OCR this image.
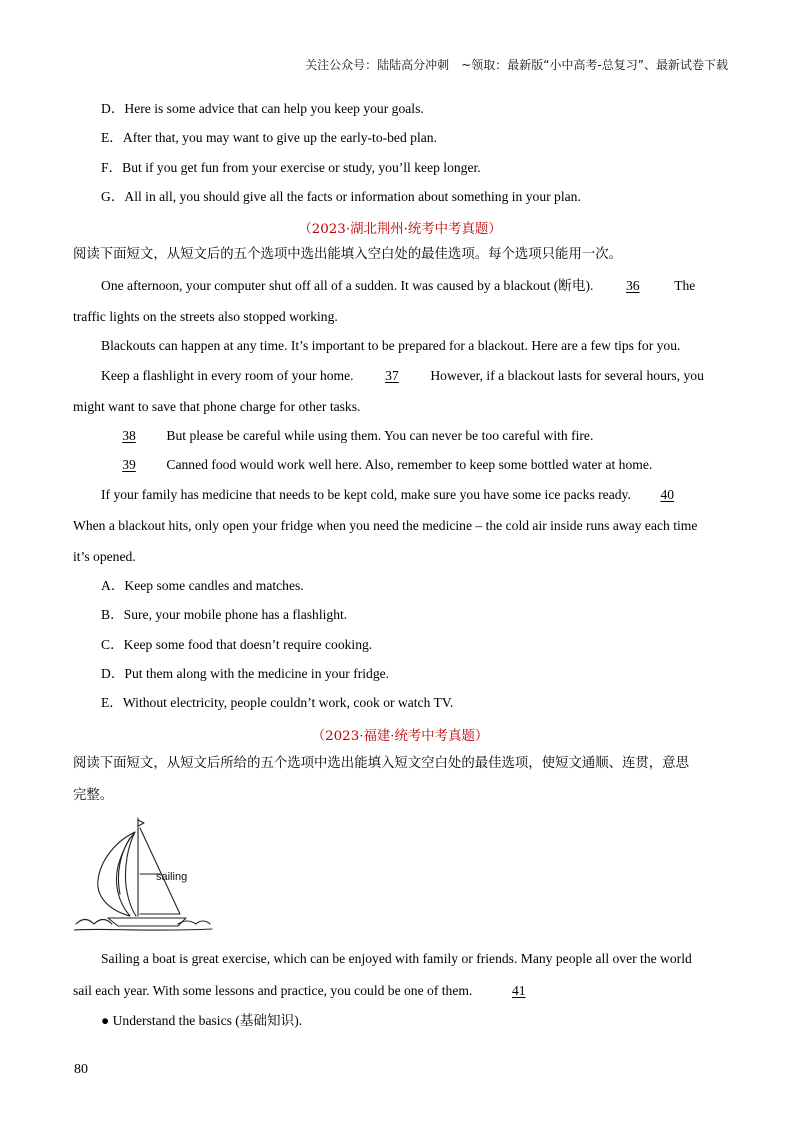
关注公众号：陆陆高分冲刺　~领取：最新版“小中高考-总复习”、最新试卷下载
D．Here is some advice that can help you keep your goals.
E．After that, you may want to give up the early-to-bed plan.
F．But if you get fun from your exercise or study, you’ll keep longer.
G．All in all, you should give all the facts or information about something in your plan.
（2023·湖北荆州·统考中考真题）
阅读下面短文，从短文后的五个选项中选出能填入空白处的最佳选项。每个选项只能用一次。
One afternoon, your computer shut off all of a sudden. It was caused by a blackout (断电). 36	The
traffic lights on the streets also stopped working.
Blackouts can happen at any time. It’s important to be prepared for a blackout. Here are a few tips for you.
Keep a flashlight in every room of your home. 37 However, if a blackout lasts for several hours, you
might want to save that phone charge for other tasks.
38 But please be careful while using them. You can never be too careful with fire.
39 Canned food would work well here. Also, remember to keep some bottled water at home.
If your family has medicine that needs to be kept cold, make sure you have some ice packs ready. 40
When a blackout hits, only open your fridge when you need the medicine – the cold air inside runs away each time
it’s opened.
A．Keep some candles and matches.
B．Sure, your mobile phone has a flashlight.
C．Keep some food that doesn’t require cooking.
D．Put them along with the medicine in your fridge.
E．Without electricity, people couldn’t work, cook or watch TV.
（2023·福建·统考中考真题）
阅读下面短文，从短文后所给的五个选项中选出能填入短文空白处的最佳选项，使短文通顺、连贯，意思
完整。
sailing
Sailing a boat is great exercise, which can be enjoyed with family or friends. Many people all over the world
sail each year. With some lessons and practice, you could be one of them.	41
● Understand the basics (基础知识).
80
